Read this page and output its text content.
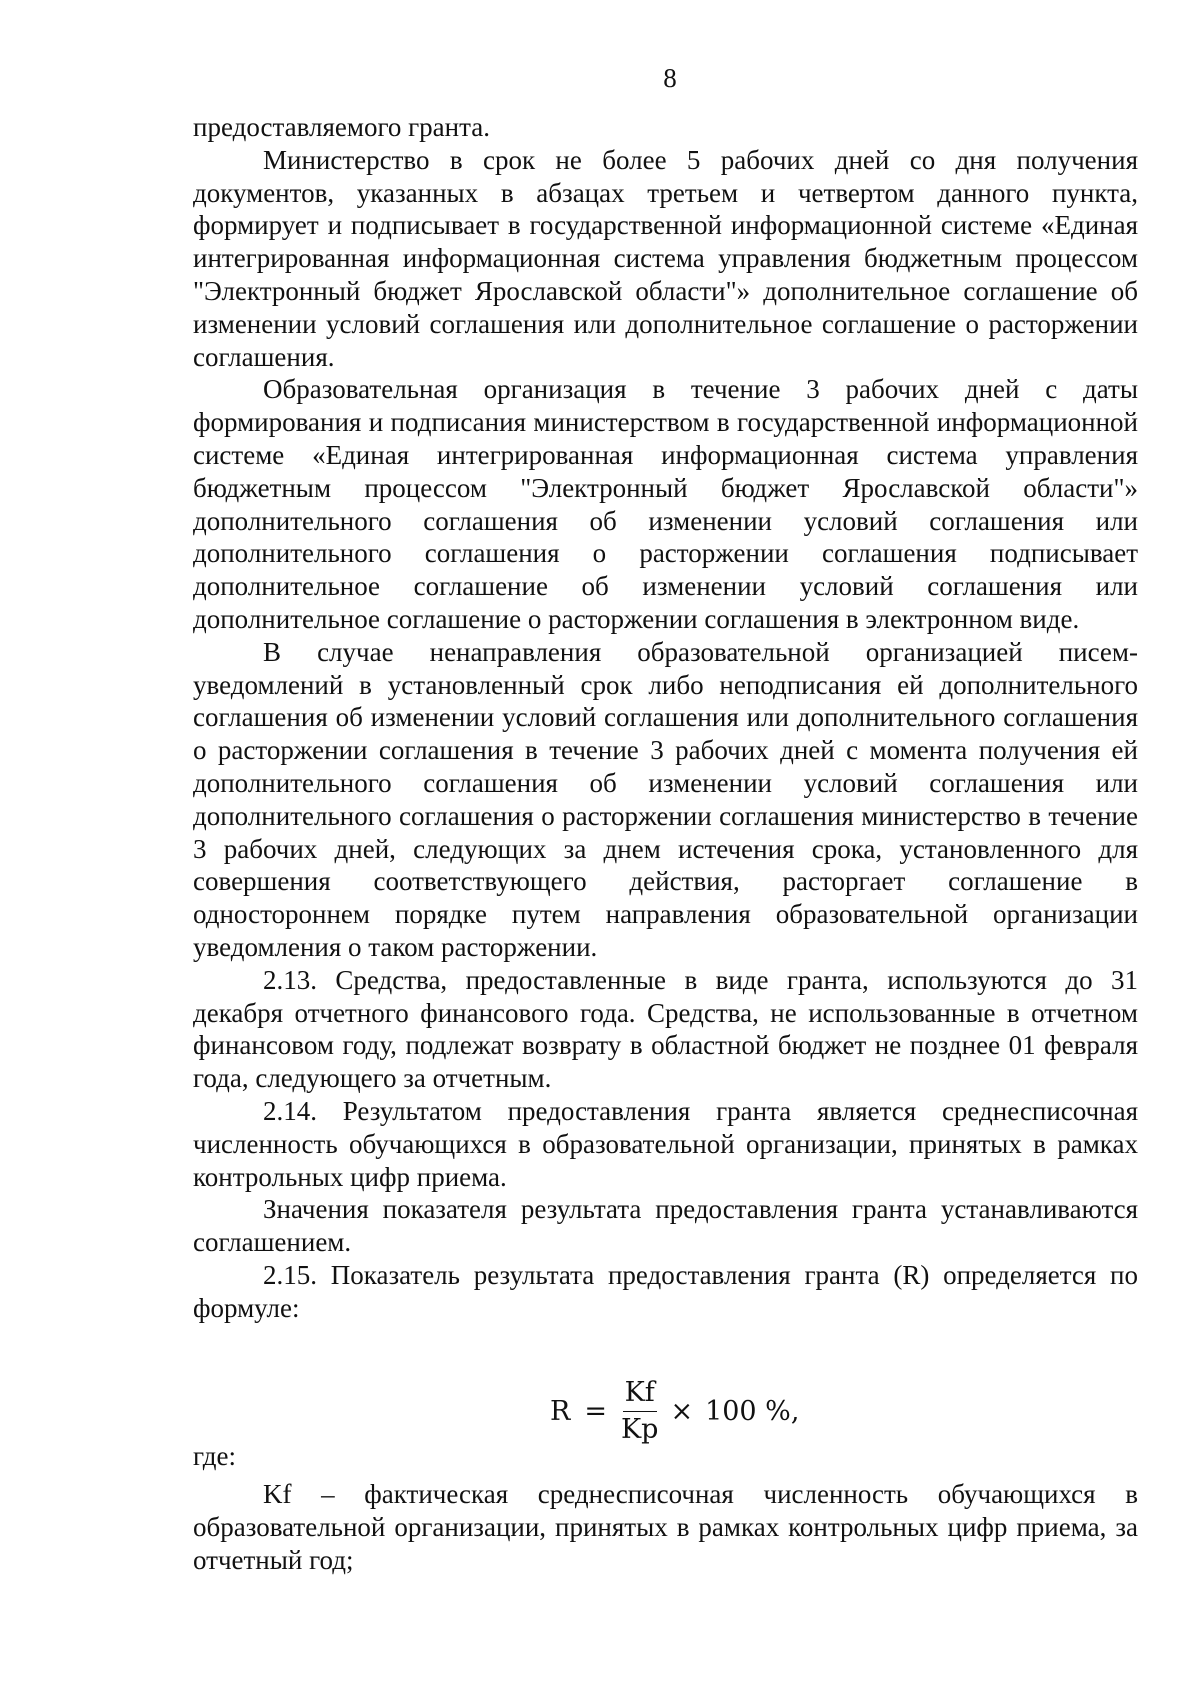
8

предоставляемого гранта.

Министерство в срок не более 5 рабочих дней со дня получения документов, указанных в абзацах третьем и четвертом данного пункта, формирует и подписывает в государственной информационной системе «Единая интегрированная информационная система управления бюджетным процессом "Электронный бюджет Ярославской области"» дополнительное соглашение об изменении условий соглашения или дополнительное соглашение о расторжении соглашения.

Образовательная организация в течение 3 рабочих дней с даты формирования и подписания министерством в государственной информационной системе «Единая интегрированная информационная система управления бюджетным процессом "Электронный бюджет Ярославской области"» дополнительного соглашения об изменении условий соглашения или дополнительного соглашения о расторжении соглашения подписывает дополнительное соглашение об изменении условий соглашения или дополнительное соглашение о расторжении соглашения в электронном виде.

В случае ненаправления образовательной организацией писем-уведомлений в установленный срок либо неподписания ей дополнительного соглашения об изменении условий соглашения или дополнительного соглашения о расторжении соглашения в течение 3 рабочих дней с момента получения ей дополнительного соглашения об изменении условий соглашения или дополнительного соглашения о расторжении соглашения министерство в течение 3 рабочих дней, следующих за днем истечения срока, установленного для совершения соответствующего действия, расторгает соглашение в одностороннем порядке путем направления образовательной организации уведомления о таком расторжении.

2.13. Средства, предоставленные в виде гранта, используются до 31 декабря отчетного финансового года. Средства, не использованные в отчетном финансовом году, подлежат возврату в областной бюджет не позднее 01 февраля года, следующего за отчетным.

2.14. Результатом предоставления гранта является среднесписочная численность обучающихся в образовательной организации, принятых в рамках контрольных цифр приема.

Значения показателя результата предоставления гранта устанавливаются соглашением.

2.15. Показатель результата предоставления гранта (R) определяется по формуле:

$R = \frac{Kf}{Kp} \times 100$ %,
где:

Kf – фактическая среднесписочная численность обучающихся в образовательной организации, принятых в рамках контрольных цифр приема, за отчетный год;
